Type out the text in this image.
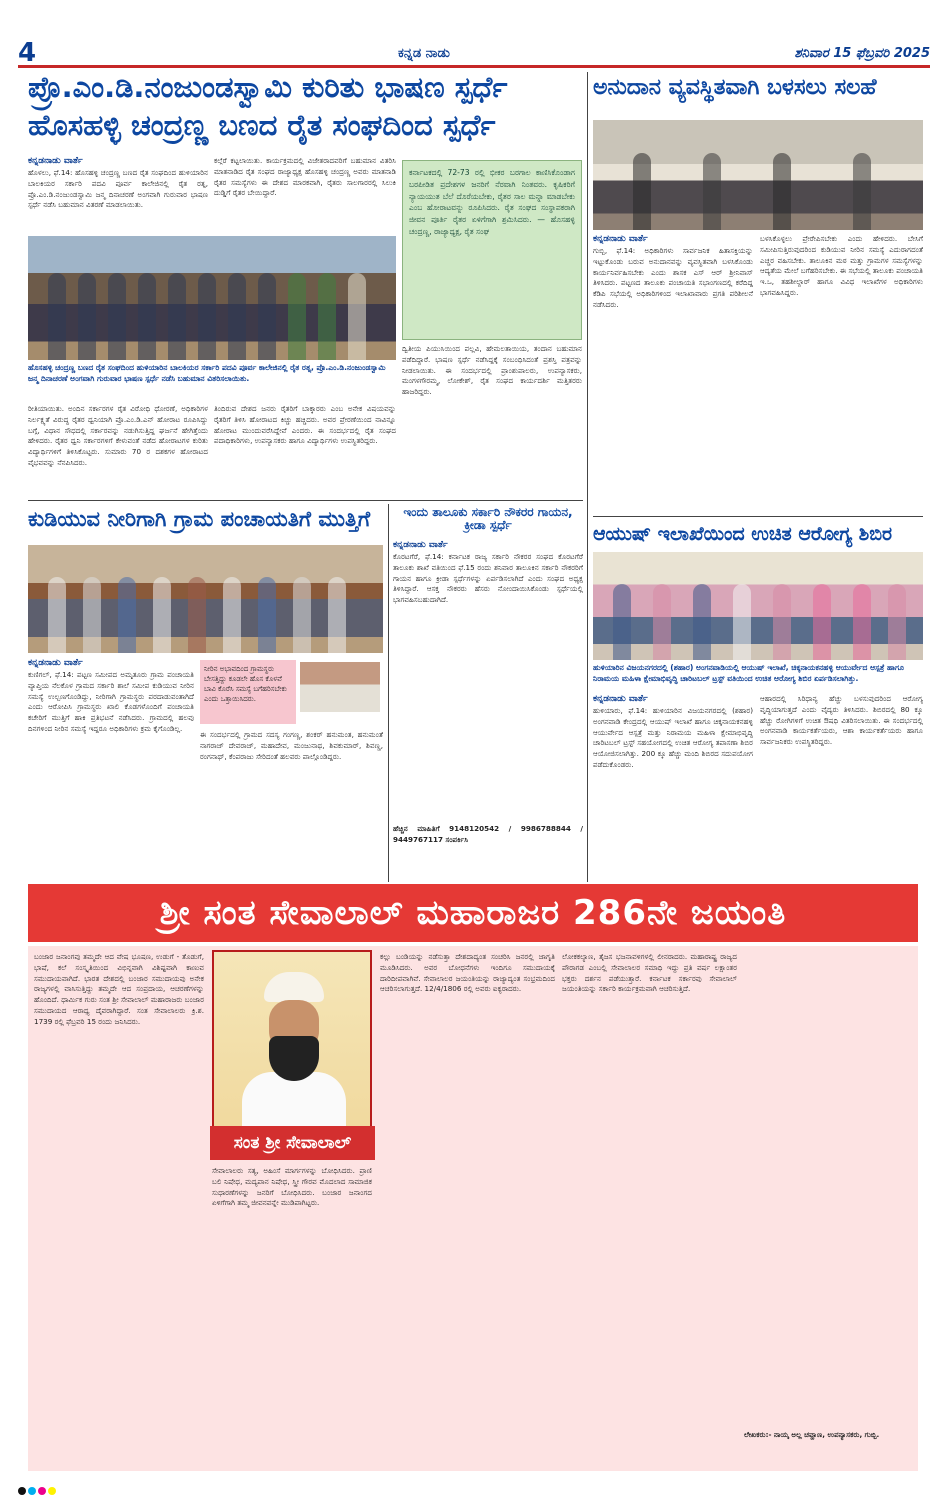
4	ಕನ್ನಡ ನಾಡು	ಶನಿವಾರ 15 ಫೆಬ್ರವರಿ 2025
ಪ್ರೊ.ಎಂ.ಡಿ.ನಂಜುಂಡಸ್ವಾಮಿ ಕುರಿತು ಭಾಷಣ ಸ್ಪರ್ಧೆ
ಹೊಸಹಳ್ಳಿ ಚಂದ್ರಣ್ಣ ಬಣದ ರೈತ ಸಂಘದಿಂದ ಸ್ಪರ್ಧೆ
ಕನ್ನಡನಾಡು ವಾರ್ತೆ
ಹೊಳಲು, ಫೆ.14: ಹೊಸಹಳ್ಳಿ ಚಂದ್ರಣ್ಣ ಬಣದ ರೈತ ಸಂಘದಿಂದ ಹುಳಿಯಾರಿನ ಬಾಲಕಿಯರ ಸರ್ಕಾರಿ ಪದವಿ ಪೂರ್ವ ಕಾಲೇಜಿನಲ್ಲಿ ರೈತ ರತ್ನ, ಪ್ರೊ.ಎಂ.ಡಿ.ನಂಜುಂಡಸ್ವಾಮಿ ಜನ್ಮ ದಿನಾಚರಣೆ ಅಂಗವಾಗಿ ಗುರುವಾರ ಭಾಷಣ ಸ್ಪರ್ಧೆ ನಡೆಸಿ ಬಹುಮಾನ ವಿತರಣೆ ಮಾಡಲಾಯಿತು.
ಕಲ್ಗೆರೆ ಕಟ್ಟಲಾಯಿತು. ಕಾರ್ಯಕ್ರಮದಲ್ಲಿ ವಿಜೇತರಾದವರಿಗೆ ಬಹುಮಾನ ವಿತರಿಸಿ ಮಾತನಾಡಿದ ರೈತ ಸಂಘದ ರಾಜ್ಯಾಧ್ಯಕ್ಷ ಹೊಸಹಳ್ಳಿ ಚಂದ್ರಣ್ಣ ಅವರು ಮಾತನಾಡಿ ರೈತರ ಸಮಸ್ಯೆಗಳು ಈ ದೇಶದ ಮಾರಕವಾಗಿ, ರೈತರು ಸಾಲಗಾರರಲ್ಲಿ ಸಿಲುಕಿ ದುಡ್ಡಿಗೆ ರೈತರ ಬೇಯಿದ್ದಾರೆ.
ಹೊಸಹಳ್ಳಿ ಚಂದ್ರಣ್ಣ ಬಣದ ರೈತ ಸಂಘದಿಂದ ಹುಳಿಯಾರಿನ ಬಾಲಕಿಯರ ಸರ್ಕಾರಿ ಪದವಿ ಪೂರ್ವ ಕಾಲೇಜಿನಲ್ಲಿ ರೈತ ರತ್ನ, ಪ್ರೊ.ಎಂ.ಡಿ.ನಂಜುಂಡಸ್ವಾಮಿ ಜನ್ಮ ದಿನಾಚರಣೆ ಅಂಗವಾಗಿ ಗುರುವಾರ ಭಾಷಣ ಸ್ಪರ್ಧೆ ನಡೆಸಿ ಬಹುಮಾನ ವಿತರಿಸಲಾಯಿತು.
ರೀತಿಯಾಯಿತು. ಅಂದಿನ ಸರ್ಕಾರಗಳ ರೈತ ವಿರೋಧಿ ಧೋರಣೆ, ಅಧಿಕಾರಿಗಳ ನಿರ್ಲಕ್ಷ್ಯತೆ ವಿರುದ್ಧ ರೈತರ ಧ್ವನಿಯಾಗಿ ಪ್ರೊ.ಎಂ.ಡಿ.ಎನ್ ಹೋರಾಟ ರೂಪಿಸಿದ್ದು ಬಗ್ಗೆ, ವಿಧಾನ ಸೌಧದಲ್ಲಿ ಸರ್ಕಾರವನ್ನು ನಡುಗಿಸುತ್ತಿದ್ದ ಘರ್ಜನೆ ಹೇಗಿತ್ತೆಂದು ಹೇಳಿದರು. ರೈತರ ಧ್ವನಿ ಸರ್ಕಾರಗಳಿಗೆ ಕೇಳುವಂತೆ ನಡೆದ ಹೋರಾಟಗಳ ಕುರಿತು ವಿದ್ಯಾರ್ಥಿಗಳಿಗೆ ತಿಳಿಸಿಕೊಟ್ಟರು. ಸುಮಾರು 70 ರ ದಶಕಗಳ ಹೋರಾಟದ ವೈಭವವನ್ನು ನೆನಪಿಸಿದರು.
ತಿಂದಿರುವ ದೇಶದ ಜನರು ರೈತರಿಗೆ ಬಾಕ್ಕಾರರು ಎಂಬ ಅನೇಕ ವಿಷಯವನ್ನು ರೈತರಿಗೆ ತಿಳಿಸಿ ಹೋರಾಟದ ಕಿಚ್ಚು ಹಚ್ಚಿದರು. ಅವರ ಪ್ರೇರಣೆಯಿಂದ ನಾವಿನ್ನೂ ಹೋರಾಟ ಮುಂದುವರೆಸಿದ್ದೇವೆ ಎಂದರು. ಈ ಸಂದರ್ಭದಲ್ಲಿ ರೈತ ಸಂಘದ ಪದಾಧಿಕಾರಿಗಳು, ಉಪನ್ಯಾಸಕರು ಹಾಗೂ ವಿದ್ಯಾರ್ಥಿಗಳು ಉಪಸ್ಥಿತರಿದ್ದರು.
ಕರ್ನಾಟಕದಲ್ಲಿ 72-73 ರಲ್ಲಿ ಭೀಕರ ಬರಗಾಲ ಕಾಣಿಸಿಕೊಂಡಾಗ ಬರಪೀಡಿತ ಪ್ರದೇಶಗಳ ಜನರಿಗೆ ನೆರವಾಗಿ ನಿಂತವರು. ಕೃಷಿಕರಿಗೆ ನ್ಯಾಯಯುತ ಬೆಲೆ ದೊರೆಯಬೇಕು, ರೈತರ ಸಾಲ ಮನ್ನಾ ಮಾಡಬೇಕು ಎಂಬ ಹೋರಾಟವನ್ನು ರೂಪಿಸಿದರು. ರೈತ ಸಂಘದ ಸಂಸ್ಥಾಪಕರಾಗಿ ಜೀವನ ಪೂರ್ತಿ ರೈತರ ಏಳಿಗೆಗಾಗಿ ಶ್ರಮಿಸಿದರು. — ಹೊಸಹಳ್ಳಿ ಚಂದ್ರಣ್ಣ, ರಾಜ್ಯಾಧ್ಯಕ್ಷ, ರೈತ ಸಂಘ
ದ್ವಿತೀಯ ಪಿಯುಸಿಯಿಂದ ಪಲ್ಲವಿ, ಹೇಮಲತಾಯಿಯ, ತಂದಾನ ಬಹುಮಾನ ಪಡೆದಿದ್ದಾರೆ. ಭಾಷಣ ಸ್ಪರ್ಧೆ ನಡೆಸಿದ್ದಕ್ಕೆ ಸಂಬಂಧಿಸಿದಂತೆ ಪ್ರಶಸ್ತಿ ಪತ್ರವನ್ನು ನೀಡಲಾಯಿತು. ಈ ಸಂದರ್ಭದಲ್ಲಿ ಪ್ರಾಂಶುಪಾಲರು, ಉಪನ್ಯಾಸಕರು, ಮಂಗಳಗೌರಮ್ಮ, ಲೋಕೇಶ್, ರೈತ ಸಂಘದ ಕಾರ್ಯದರ್ಶಿ ಮತ್ತಿತರರು ಹಾಜರಿದ್ದರು.
ಅನುದಾನ ವ್ಯವಸ್ಥಿತವಾಗಿ ಬಳಸಲು ಸಲಹೆ
ಕನ್ನಡನಾಡು ವಾರ್ತೆ
ಗುಬ್ಬಿ, ಫೆ.14: ಅಧಿಕಾರಿಗಳು ಸಾರ್ವಜನಿಕ ಹಿತಾಸಕ್ತಿಯನ್ನು ಇಟ್ಟುಕೊಂಡು ಬರುವ ಅನುದಾನವನ್ನು ವ್ಯವಸ್ಥಿತವಾಗಿ ಬಳಸಿಕೊಂಡು ಕಾರ್ಯನಿರ್ವಹಿಸಬೇಕು ಎಂದು ಶಾಸಕ ಎಸ್ ಆರ್ ಶ್ರೀನಿವಾಸ್ ತಿಳಿಸಿದರು. ಪಟ್ಟಣದ ತಾಲೂಕು ಪಂಚಾಯತಿ ಸಭಾಂಗಣದಲ್ಲಿ ಕರೆದಿದ್ದ ಕೆಡಿಪಿ ಸಭೆಯಲ್ಲಿ ಅಧಿಕಾರಿಗಳಿಂದ ಇಲಾಖಾವಾರು ಪ್ರಗತಿ ಪರಿಶೀಲನೆ ನಡೆಸಿದರು.
ಬಳಸಿಕೊಳ್ಳಲು ಪ್ರೇರೇಪಿಸಬೇಕು ಎಂದು ಹೇಳಿದರು. ಬೇಸಿಗೆ ಸಮೀಪಿಸುತ್ತಿರುವುದರಿಂದ ಕುಡಿಯುವ ನೀರಿನ ಸಮಸ್ಯೆ ಎದುರಾಗದಂತೆ ಎಚ್ಚರ ವಹಿಸಬೇಕು. ತಾಲೂಕಿನ ಮಠ ಮತ್ತು ಗ್ರಾಮಗಳ ಸಮಸ್ಯೆಗಳನ್ನು ಆದ್ಯತೆಯ ಮೇಲೆ ಬಗೆಹರಿಸಬೇಕು. ಈ ಸಭೆಯಲ್ಲಿ ತಾಲೂಕು ಪಂಚಾಯತಿ ಇ.ಒ, ತಹಶೀಲ್ದಾರ್ ಹಾಗೂ ವಿವಿಧ ಇಲಾಖೆಗಳ ಅಧಿಕಾರಿಗಳು ಭಾಗವಹಿಸಿದ್ದರು.
ಕುಡಿಯುವ ನೀರಿಗಾಗಿ ಗ್ರಾಮ ಪಂಚಾಯತಿಗೆ ಮುತ್ತಿಗೆ
ಕನ್ನಡನಾಡು ವಾರ್ತೆ
ಕುಣಿಗಲ್, ಫೆ.14: ಪಟ್ಟಣ ಸಮೀಪದ ಅಮೃತೂರು ಗ್ರಾಮ ಪಂಚಾಯತಿ ವ್ಯಾಪ್ತಿಯ ನೆಲಕೊಳ ಗ್ರಾಮದ ಸರ್ಕಾರಿ ಶಾಲೆ ಸಮೀಪ ಕುಡಿಯುವ ನೀರಿನ ಸಮಸ್ಯೆ ಉಲ್ಬಣಗೊಂಡಿದ್ದು, ನೀರಿಗಾಗಿ ಗ್ರಾಮಸ್ಥರು ಪರದಾಡುವಂತಾಗಿದೆ ಎಂದು ಆರೋಪಿಸಿ ಗ್ರಾಮಸ್ಥರು ಖಾಲಿ ಕೊಡಗಳೊಂದಿಗೆ ಪಂಚಾಯತಿ ಕಚೇರಿಗೆ ಮುತ್ತಿಗೆ ಹಾಕಿ ಪ್ರತಿಭಟನೆ ನಡೆಸಿದರು. ಗ್ರಾಮದಲ್ಲಿ ಹಲವು ದಿನಗಳಿಂದ ನೀರಿನ ಸಮಸ್ಯೆ ಇದ್ದರೂ ಅಧಿಕಾರಿಗಳು ಕ್ರಮ ಕೈಗೊಂಡಿಲ್ಲ.
ನೀರಿನ ಅಭಾವದಿಂದ ಗ್ರಾಮಸ್ಥರು ಬೇಸತ್ತಿದ್ದು ಕೂಡಲೇ ಹೊಸ ಕೊಳವೆ ಬಾವಿ ಕೊರೆಸಿ ಸಮಸ್ಯೆ ಬಗೆಹರಿಸಬೇಕು ಎಂದು ಒತ್ತಾಯಿಸಿದರು.
ಈ ಸಂದರ್ಭದಲ್ಲಿ ಗ್ರಾಮದ ಸದಸ್ಯ ಗಂಗಣ್ಣ, ಶಂಕರ್ ಹನುಮಂತ, ಹನುಮಂತೆ ನಾಗರಾಜ್ ದೇವರಾಜ್, ಮಹಾದೇವ, ಮಂಜುನಾಥ, ಶಿವಕುಮಾರ್, ಶಿವಣ್ಣ, ರಂಗನಾಥ್, ಕೆಂಪರಾಜು ಸೇರಿದಂತೆ ಹಲವರು ಪಾಲ್ಗೊಂಡಿದ್ದರು.
ಇಂದು ತಾಲೂಕು ಸರ್ಕಾರಿ ನೌಕರರ ಗಾಯನ, ಕ್ರೀಡಾ ಸ್ಪರ್ಧೆ
ಕನ್ನಡನಾಡು ವಾರ್ತೆ
ಕೊರಟಗೆರೆ, ಫೆ.14: ಕರ್ನಾಟಕ ರಾಜ್ಯ ಸರ್ಕಾರಿ ನೌಕರರ ಸಂಘದ ಕೊರಟಗೆರೆ ತಾಲೂಕು ಶಾಖೆ ವತಿಯಿಂದ ಫೆ.15 ರಂದು ಶನಿವಾರ ತಾಲೂಕಿನ ಸರ್ಕಾರಿ ನೌಕರರಿಗೆ ಗಾಯನ ಹಾಗೂ ಕ್ರೀಡಾ ಸ್ಪರ್ಧೆಗಳನ್ನು ಏರ್ಪಡಿಸಲಾಗಿದೆ ಎಂದು ಸಂಘದ ಅಧ್ಯಕ್ಷ ತಿಳಿಸಿದ್ದಾರೆ. ಆಸಕ್ತ ನೌಕರರು ಹೆಸರು ನೋಂದಾಯಿಸಿಕೊಂಡು ಸ್ಪರ್ಧೆಯಲ್ಲಿ ಭಾಗವಹಿಸಬಹುದಾಗಿದೆ.
ಹೆಚ್ಚಿನ ಮಾಹಿತಿಗೆ 9148120542 / 9986788844 / 9449767117 ಸಂಪರ್ಕಿಸಿ
ಆಯುಷ್ ಇಲಾಖೆಯಿಂದ ಉಚಿತ ಆರೋಗ್ಯ ಶಿಬಿರ
ಹುಳಿಯಾರಿನ ವಿಜಯನಗರದಲ್ಲಿ (ಶಹಾರ) ಅಂಗನವಾಡಿಯಲ್ಲಿ ಆಯುಷ್ ಇಲಾಖೆ, ಚಿಕ್ಕನಾಯಕನಹಳ್ಳಿ ಆಯುರ್ವೇದ ಆಸ್ಪತ್ರೆ ಹಾಗೂ ನಿರಾಮಯ ಮಹಿಳಾ ಕ್ಷೇಮಾಭಿವೃದ್ಧಿ ಚಾರಿಟಬಲ್ ಟ್ರಸ್ಟ್ ವತಿಯಿಂದ ಉಚಿತ ಆರೋಗ್ಯ ಶಿಬಿರ ಏರ್ಪಡಿಸಲಾಗಿತ್ತು.
ಕನ್ನಡನಾಡು ವಾರ್ತೆ
ಹುಳಿಯಾರು, ಫೆ.14: ಹುಳಿಯಾರಿನ ವಿಜಯನಗರದಲ್ಲಿ (ಶಹಾರ) ಅಂಗನವಾಡಿ ಕೇಂದ್ರದಲ್ಲಿ ಆಯುಷ್ ಇಲಾಖೆ ಹಾಗೂ ಚಿಕ್ಕನಾಯಕನಹಳ್ಳಿ ಆಯುರ್ವೇದ ಆಸ್ಪತ್ರೆ ಮತ್ತು ನಿರಾಮಯ ಮಹಿಳಾ ಕ್ಷೇಮಾಭಿವೃದ್ಧಿ ಚಾರಿಟಬಲ್ ಟ್ರಸ್ಟ್ ಸಹಯೋಗದಲ್ಲಿ ಉಚಿತ ಆರೋಗ್ಯ ತಪಾಸಣಾ ಶಿಬಿರ ಆಯೋಜಿಸಲಾಗಿತ್ತು. 200 ಕ್ಕೂ ಹೆಚ್ಚು ಮಂದಿ ಶಿಬಿರದ ಸದುಪಯೋಗ ಪಡೆದುಕೊಂಡರು.
ಆಹಾರದಲ್ಲಿ ಸಿರಿಧಾನ್ಯ ಹೆಚ್ಚು ಬಳಸುವುದರಿಂದ ಆರೋಗ್ಯ ವೃದ್ಧಿಯಾಗುತ್ತದೆ ಎಂದು ವೈದ್ಯರು ತಿಳಿಸಿದರು. ಶಿಬಿರದಲ್ಲಿ 80 ಕ್ಕೂ ಹೆಚ್ಚು ರೋಗಿಗಳಿಗೆ ಉಚಿತ ಔಷಧಿ ವಿತರಿಸಲಾಯಿತು. ಈ ಸಂದರ್ಭದಲ್ಲಿ ಅಂಗನವಾಡಿ ಕಾರ್ಯಕರ್ತೆಯರು, ಆಶಾ ಕಾರ್ಯಕರ್ತೆಯರು ಹಾಗೂ ಸಾರ್ವಜನಿಕರು ಉಪಸ್ಥಿತರಿದ್ದರು.
ಶ್ರೀ ಸಂತ ಸೇವಾಲಾಲ್ ಮಹಾರಾಜರ 286ನೇ ಜಯಂತಿ
ಸಂತ ಶ್ರೀ ಸೇವಾಲಾಲ್
ಬಂಜಾರ ಜನಾಂಗವು ತಮ್ಮದೇ ಆದ ವೇಷ ಭೂಷಣ, ಉಡುಗೆ - ತೊಡುಗೆ, ಭಾಷೆ, ಕಲೆ ಸಂಸ್ಕೃತಿಯಿಂದ ವಿಭಿನ್ನವಾಗಿ ವಿಶಿಷ್ಟವಾಗಿ ಕಾಣುವ ಸಮುದಾಯವಾಗಿದೆ. ಭಾರತ ದೇಶದಲ್ಲಿ ಬಂಜಾರ ಸಮುದಾಯವು ಅನೇಕ ರಾಜ್ಯಗಳಲ್ಲಿ ವಾಸಿಸುತ್ತಿದ್ದು ತಮ್ಮದೇ ಆದ ಸಂಪ್ರದಾಯ, ಆಚರಣೆಗಳನ್ನು ಹೊಂದಿದೆ. ಧಾರ್ಮಿಕ ಗುರು ಸಂತ ಶ್ರೀ ಸೇವಾಲಾಲ್ ಮಹಾರಾಜರು ಬಂಜಾರ ಸಮುದಾಯದ ಆರಾಧ್ಯ ದೈವರಾಗಿದ್ದಾರೆ. ಸಂತ ಸೇವಾಲಾಲರು ಕ್ರಿ.ಶ. 1739 ರಲ್ಲಿ ಫೆಬ್ರವರಿ 15 ರಂದು ಜನಿಸಿದರು.
ಸೇವಾಲಾಲರು ಸತ್ಯ, ಅಹಿಂಸೆ ಮಾರ್ಗಗಳನ್ನು ಬೋಧಿಸಿದರು. ಪ್ರಾಣಿ ಬಲಿ ನಿಷೇಧ, ಮದ್ಯಪಾನ ನಿಷೇಧ, ಸ್ತ್ರೀ ಗೌರವ ಮೊದಲಾದ ಸಾಮಾಜಿಕ ಸುಧಾರಣೆಗಳನ್ನು ಜನರಿಗೆ ಬೋಧಿಸಿದರು. ಬಂಜಾರ ಜನಾಂಗದ ಏಳಿಗೆಗಾಗಿ ತಮ್ಮ ಜೀವನವನ್ನೇ ಮುಡಿಪಾಗಿಟ್ಟರು.
ಕಲ್ಲು ಬಂಡಿಯನ್ನು ನಡೆಸುತ್ತಾ ದೇಶದಾದ್ಯಂತ ಸಂಚರಿಸಿ ಜನರಲ್ಲಿ ಜಾಗೃತಿ ಮೂಡಿಸಿದರು. ಅವರ ಬೋಧನೆಗಳು ಇಂದಿಗೂ ಸಮುದಾಯಕ್ಕೆ ದಾರಿದೀಪವಾಗಿವೆ. ಸೇವಾಲಾಲರ ಜಯಂತಿಯನ್ನು ರಾಜ್ಯಾದ್ಯಂತ ಸಂಭ್ರಮದಿಂದ ಆಚರಿಸಲಾಗುತ್ತದೆ. 12/4/1806 ರಲ್ಲಿ ಅವರು ಐಕ್ಯರಾದರು.
ಲೋಕಕಲ್ಯಾಣ, ತೈಜಸ ಭಜನಾವಳಿಗಳಲ್ಲಿ ಲೀನರಾದರು. ಮಹಾರಾಷ್ಟ್ರ ರಾಜ್ಯದ ಪೌರಾಗಡ ಎಂಬಲ್ಲಿ ಸೇವಾಲಾಲರ ಸಮಾಧಿ ಇದ್ದು ಪ್ರತಿ ವರ್ಷ ಲಕ್ಷಾಂತರ ಭಕ್ತರು ದರ್ಶನ ಪಡೆಯುತ್ತಾರೆ. ಕರ್ನಾಟಕ ಸರ್ಕಾರವು ಸೇವಾಲಾಲ್ ಜಯಂತಿಯನ್ನು ಸರ್ಕಾರಿ ಕಾರ್ಯಕ್ರಮವಾಗಿ ಆಚರಿಸುತ್ತಿದೆ.
ಲೇಖಕರು:- ನಾಯ್ಕ ಅಲ್ಲ ಚವ್ಹಾಣ, ಉಪನ್ಯಾಸಕರು, ಗುಬ್ಬಿ.
